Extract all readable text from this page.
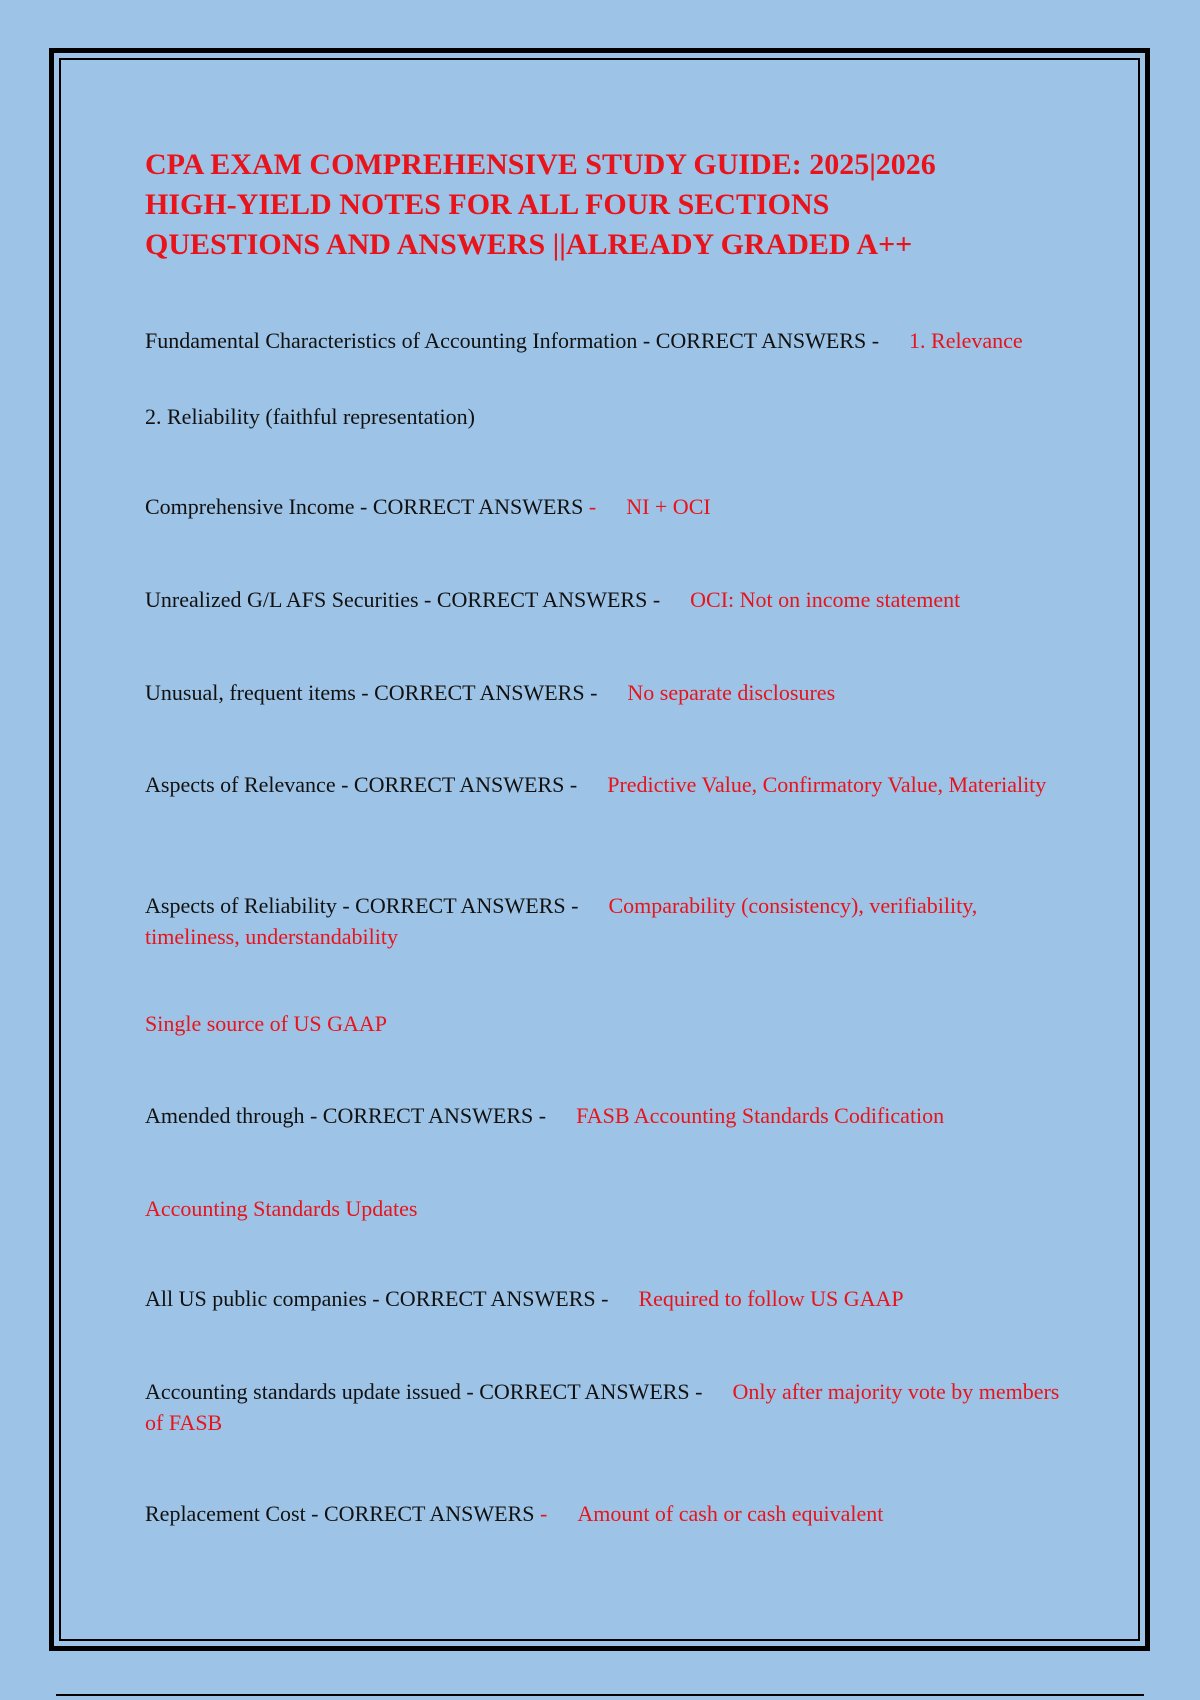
CPA EXAM COMPREHENSIVE STUDY GUIDE: 2025|2026
HIGH-YIELD NOTES FOR ALL FOUR SECTIONS
QUESTIONS AND ANSWERS ||ALREADY GRADED A++

Fundamental Characteristics of Accounting Information - CORRECT ANSWERS - 1. Relevance

2. Reliability (faithful representation)

Comprehensive Income - CORRECT ANSWERS - NI + OCI

Unrealized G/L AFS Securities - CORRECT ANSWERS - OCI: Not on income statement

Unusual, frequent items - CORRECT ANSWERS - No separate disclosures

Aspects of Relevance - CORRECT ANSWERS - Predictive Value, Confirmatory Value, Materiality

Aspects of Reliability - CORRECT ANSWERS - Comparability (consistency), verifiability, timeliness, understandability

Single source of US GAAP

Amended through - CORRECT ANSWERS - FASB Accounting Standards Codification

Accounting Standards Updates

All US public companies - CORRECT ANSWERS - Required to follow US GAAP

Accounting standards update issued - CORRECT ANSWERS - Only after majority vote by members of FASB

Replacement Cost - CORRECT ANSWERS - Amount of cash or cash equivalent
